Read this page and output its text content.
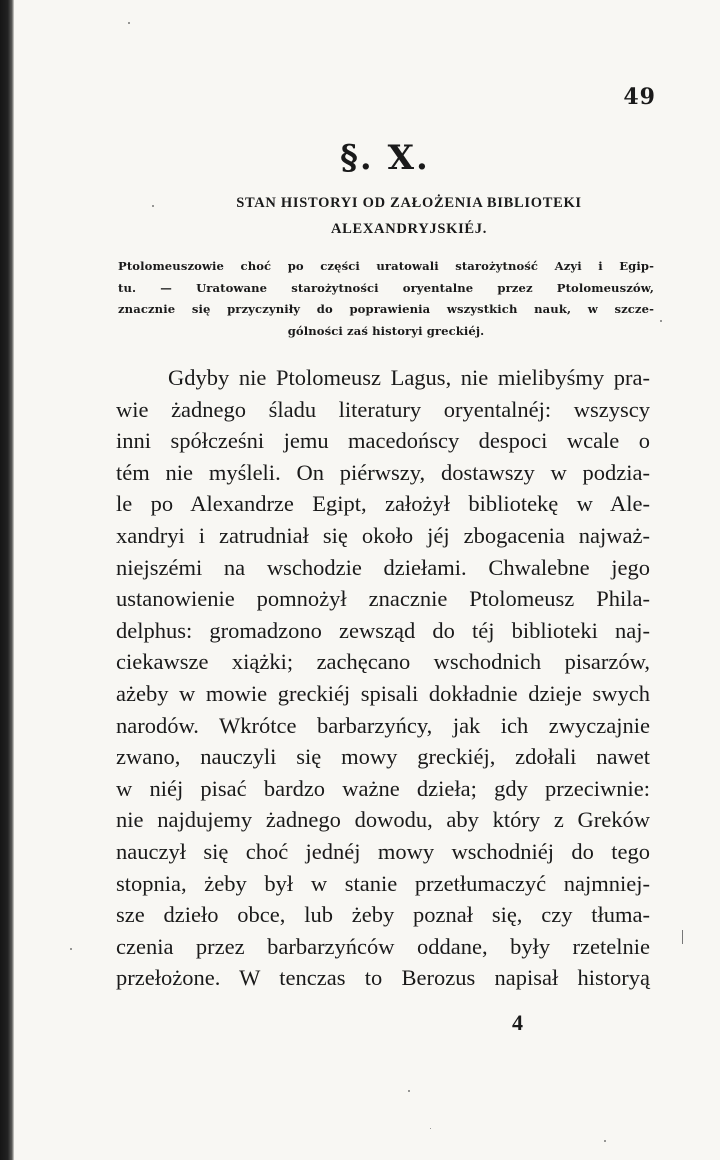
49
§. X.
STAN HISTORYI OD ZAŁOŻENIA BIBLIOTEKI
ALEXANDRYJSKIÉJ.
Ptolomeuszowie choć po części uratowali starożytność Azyi i Egip-
tu. — Uratowane starożytności oryentalne przez Ptolomeuszów,
znacznie się przyczyniły do poprawienia wszystkich nauk, w szcze-
gólności zaś historyi greckiéj.
Gdyby nie Ptolomeusz Lagus, nie mielibyśmy pra-
wie żadnego śladu literatury oryentalnéj: wszyscy
inni spółcześni jemu macedońscy despoci wcale o
tém nie myśleli. On piérwszy, dostawszy w podzia-
le po Alexandrze Egipt, założył bibliotekę w Ale-
xandryi i zatrudniał się około jéj zbogacenia najważ-
niejszémi na wschodzie dziełami. Chwalebne jego
ustanowienie pomnożył znacznie Ptolomeusz Phila-
delphus: gromadzono zewsząd do téj biblioteki naj-
ciekawsze xiążki; zachęcano wschodnich pisarzów,
ażeby w mowie greckiéj spisali dokładnie dzieje swych
narodów. Wkrótce barbarzyńcy, jak ich zwyczajnie
zwano, nauczyli się mowy greckiéj, zdołali nawet
w niéj pisać bardzo ważne dzieła; gdy przeciwnie:
nie najdujemy żadnego dowodu, aby który z Greków
nauczył się choć jednéj mowy wschodniéj do tego
stopnia, żeby był w stanie przetłumaczyć najmniej-
sze dzieło obce, lub żeby poznał się, czy tłuma-
czenia przez barbarzyńców oddane, były rzetelnie
przełożone. W tenczas to Berozus napisał historyą
4
